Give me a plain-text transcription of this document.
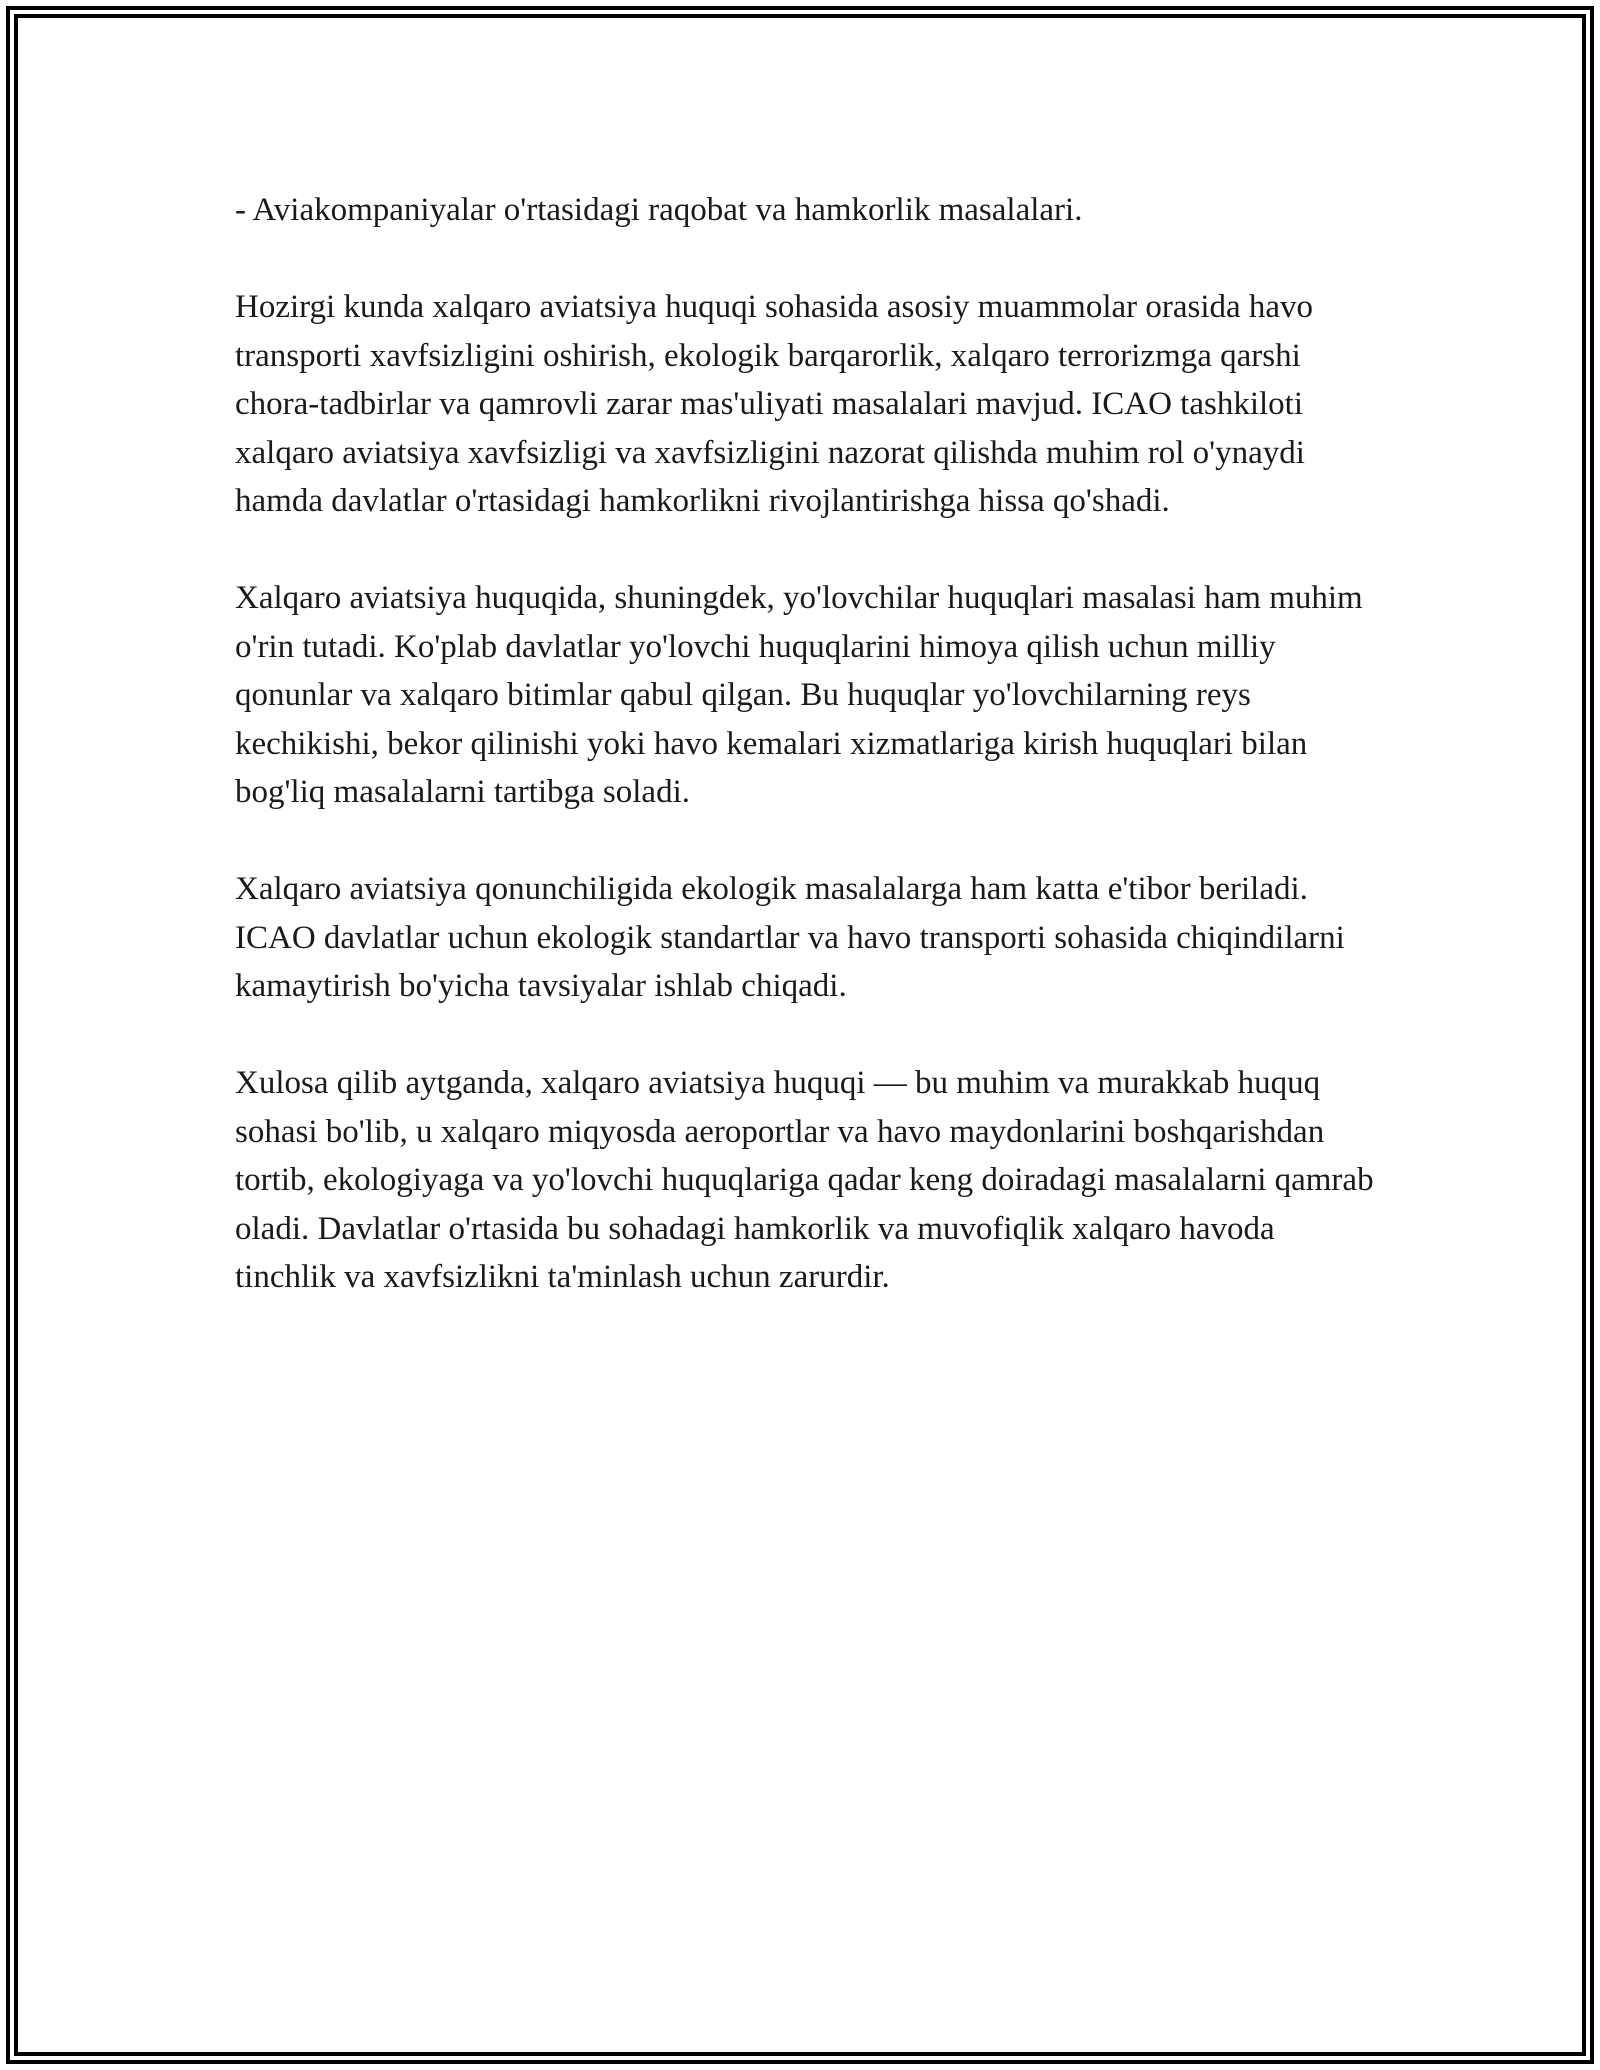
- Aviakompaniyalar o'rtasidagi raqobat va hamkorlik masalalari.

Hozirgi kunda xalqaro aviatsiya huquqi sohasida asosiy muammolar orasida havo transporti xavfsizligini oshirish, ekologik barqarorlik, xalqaro terrorizmga qarshi chora-tadbirlar va qamrovli zarar mas'uliyati masalalari mavjud. ICAO tashkiloti xalqaro aviatsiya xavfsizligi va xavfsizligini nazorat qilishda muhim rol o'ynaydi hamda davlatlar o'rtasidagi hamkorlikni rivojlantirishga hissa qo'shadi.

Xalqaro aviatsiya huquqida, shuningdek, yo'lovchilar huquqlari masalasi ham muhim o'rin tutadi. Ko'plab davlatlar yo'lovchi huquqlarini himoya qilish uchun milliy qonunlar va xalqaro bitimlar qabul qilgan. Bu huquqlar yo'lovchilarning reys kechikishi, bekor qilinishi yoki havo kemalari xizmatlariga kirish huquqlari bilan bog'liq masalalarni tartibga soladi.

Xalqaro aviatsiya qonunchiligida ekologik masalalarga ham katta e'tibor beriladi. ICAO davlatlar uchun ekologik standartlar va havo transporti sohasida chiqindilarni kamaytirish bo'yicha tavsiyalar ishlab chiqadi.

Xulosa qilib aytganda, xalqaro aviatsiya huquqi — bu muhim va murakkab huquq sohasi bo'lib, u xalqaro miqyosda aeroportlar va havo maydonlarini boshqarishdan tortib, ekologiyaga va yo'lovchi huquqlariga qadar keng doiradagi masalalarni qamrab oladi. Davlatlar o'rtasida bu sohadagi hamkorlik va muvofiqlik xalqaro havoda tinchlik va xavfsizlikni ta'minlash uchun zarurdir.
